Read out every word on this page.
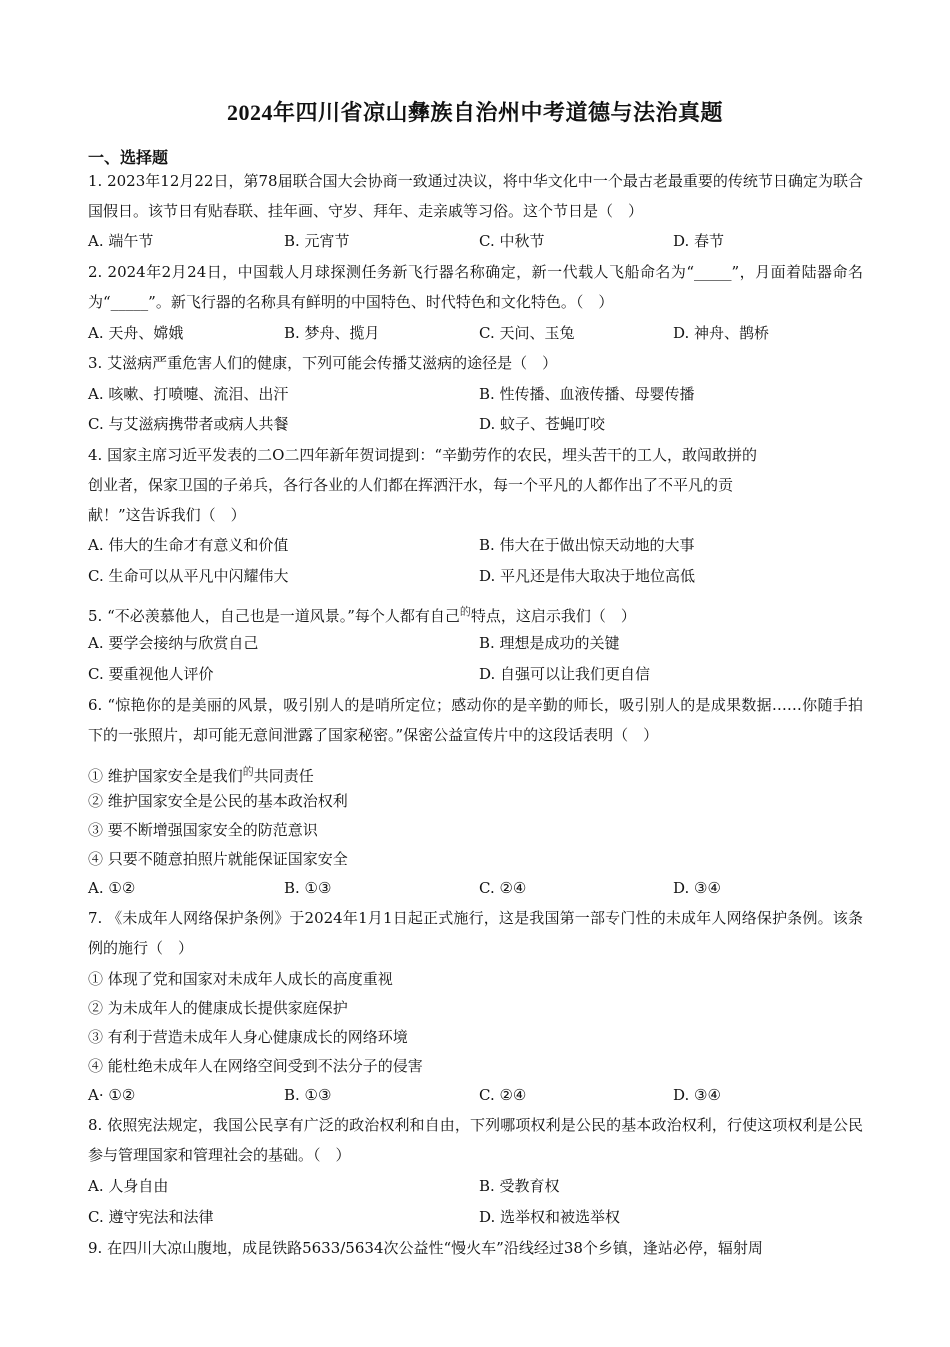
2024年四川省凉山彝族自治州中考道德与法治真题
一、选择题
1. 2023年12月22日，第78届联合国大会协商一致通过决议，将中华文化中一个最古老最重要的传统节日确定为联合国假日。该节日有贴春联、挂年画、守岁、拜年、走亲戚等习俗。这个节日是（　）
A. 端午节	B. 元宵节	C. 中秋节	D. 春节
2. 2024年2月24日，中国载人月球探测任务新飞行器名称确定，新一代载人飞船命名为“_____”，月面着陆器命名为“_____”。新飞行器的名称具有鲜明的中国特色、时代特色和文化特色。（　）
A. 天舟、嫦娥	B. 梦舟、揽月	C. 天问、玉兔	D. 神舟、鹊桥
3. 艾滋病严重危害人们的健康，下列可能会传播艾滋病的途径是（　）
A. 咳嗽、打喷嚏、流泪、出汗	B. 性传播、血液传播、母婴传播
C. 与艾滋病携带者或病人共餐	D. 蚊子、苍蝇叮咬
4. 国家主席习近平发表的二O二四年新年贺词提到：“辛勤劳作的农民，埋头苦干的工人，敢闯敢拼的
创业者，保家卫国的子弟兵，各行各业的人们都在挥洒汗水，每一个平凡的人都作出了不平凡的贡
献！”这告诉我们（　）
A. 伟大的生命才有意义和价值	B. 伟大在于做出惊天动地的大事
C. 生命可以从平凡中闪耀伟大	D. 平凡还是伟大取决于地位高低
5. “不必羡慕他人，自己也是一道风景。”每个人都有自己$^的$特点，这启示我们（　）
A. 要学会接纳与欣赏自己	B. 理想是成功的关键
C. 要重视他人评价	D. 自强可以让我们更自信
6. “惊艳你的是美丽的风景，吸引别人的是哨所定位；感动你的是辛勤的师长，吸引别人的是成果数据……你随手拍下的一张照片，却可能无意间泄露了国家秘密。”保密公益宣传片中的这段话表明（　）
① 维护国家安全是我们$^的$共同责任
② 维护国家安全是公民的基本政治权利
③ 要不断增强国家安全的防范意识
④ 只要不随意拍照片就能保证国家安全
A. ①②	B. ①③	C. ②④	D. ③④
7. 《未成年人网络保护条例》于2024年1月1日起正式施行，这是我国第一部专门性的未成年人网络保护条例。该条例的施行（　）
① 体现了党和国家对未成年人成长的高度重视
② 为未成年人的健康成长提供家庭保护
③ 有利于营造未成年人身心健康成长的网络环境
④ 能杜绝未成年人在网络空间受到不法分子的侵害
A· ①②	B. ①③	C. ②④	D. ③④
8. 依照宪法规定，我国公民享有广泛的政治权利和自由，下列哪项权利是公民的基本政治权利，行使这项权利是公民参与管理国家和管理社会的基础。（　）
A. 人身自由	B. 受教育权
C. 遵守宪法和法律	D. 选举权和被选举权
9. 在四川大凉山腹地，成昆铁路5633/5634次公益性“慢火车”沿线经过38个乡镇，逢站必停，辐射周
